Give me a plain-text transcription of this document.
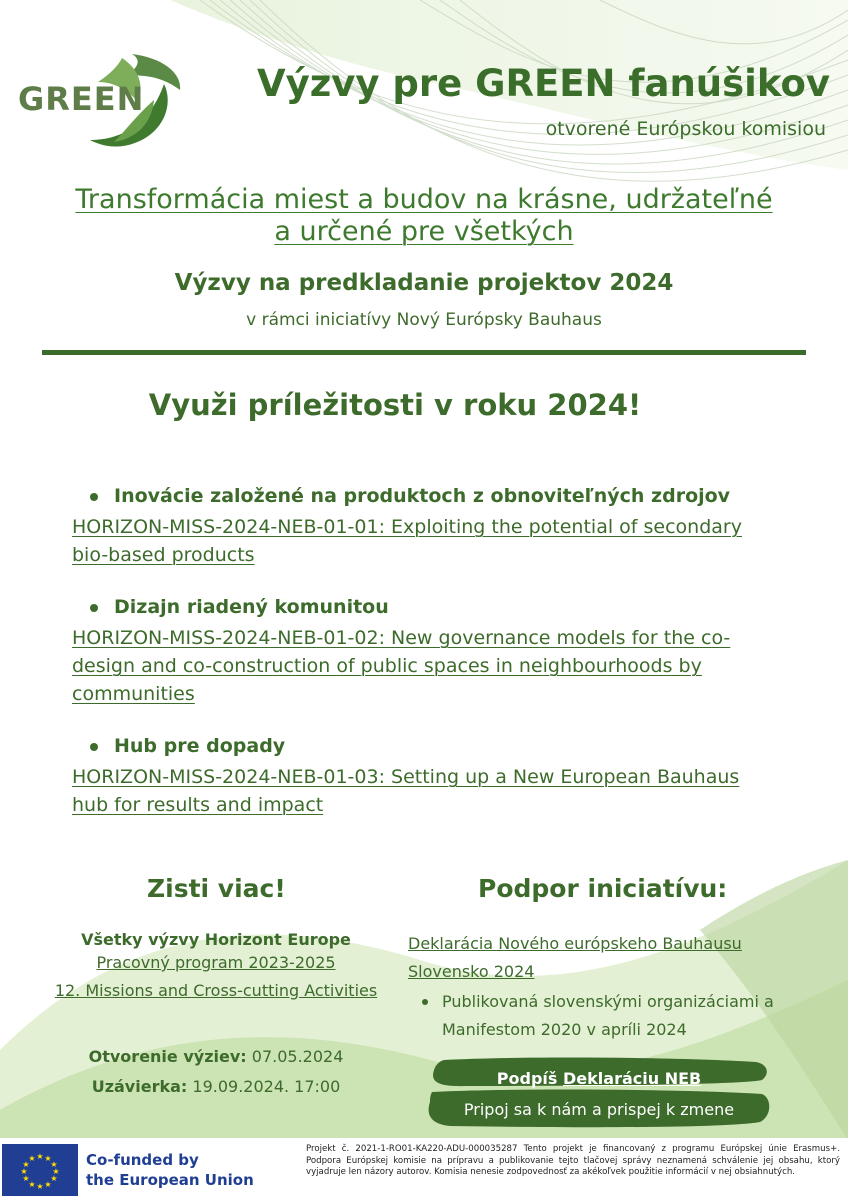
GREEN	Výzvy pre GREEN fanúšikov
otvorené Európskou komisiou
Transformácia miest a budov na krásne, udržateľné
a určené pre všetkých
Výzvy na predkladanie projektov 2024
v rámci iniciatívy Nový Európsky Bauhaus
Využi príležitosti v roku 2024!
Inovácie založené na produktoch z obnoviteľných zdrojov
HORIZON-MISS-2024-NEB-01-01: Exploiting the potential of secondary
bio-based products
Dizajn riadený komunitou
HORIZON-MISS-2024-NEB-01-02: New governance models for the co-
design and co-construction of public spaces in neighbourhoods by
communities
Hub pre dopady
HORIZON-MISS-2024-NEB-01-03: Setting up a New European Bauhaus
hub for results and impact
Zisti viac!
Všetky výzvy Horizont Europe
Pracovný program 2023-2025
12. Missions and Cross-cutting Activities
Otvorenie výziev: 07.05.2024
Uzávierka: 19.09.2024. 17:00
Podpor iniciatívu:
Deklarácia Nového európskeho Bauhausu
Slovensko 2024
Publikovaná slovenskými organizáciami a Manifestom 2020 v apríli 2024
Podpíš Deklaráciu NEB
Pripoj sa k nám a prispej k zmene
★ ★
★
★
★
★
★
★
★
★
★
★	Co-funded by
the European Union
Projekt č. 2021-1-RO01-KA220-ADU-000035287 Tento projekt je financovaný z programu Európskej únie Erasmus+. Podpora Európskej komisie na prípravu a publikovanie tejto tlačovej správy neznamená schválenie jej obsahu, ktorý vyjadruje len názory autorov. Komisia nenesie zodpovednosť za akékoľvek použitie informácií v nej obsiahnutých.
